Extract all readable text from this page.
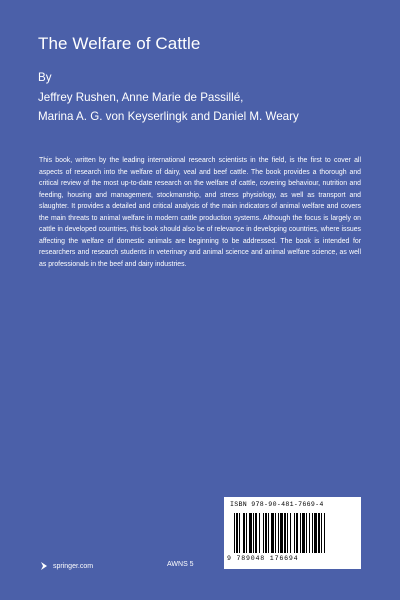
The Welfare of Cattle
By
Jeffrey Rushen, Anne Marie de Passillé,
Marina A. G. von Keyserlingk and Daniel M. Weary
This book, written by the leading international research scientists in the field, is the first to cover all aspects of research into the welfare of dairy, veal and beef cattle. The book provides a thorough and critical review of the most up-to-date research on the welfare of cattle, covering behaviour, nutrition and feeding, housing and management, stockmanship, and stress physiology, as well as transport and slaughter. It provides a detailed and critical analysis of the main indicators of animal welfare and covers the main threats to animal welfare in modern cattle production systems. Although the focus is largely on cattle in developed countries, this book should also be of relevance in developing countries, where issues affecting the welfare of domestic animals are beginning to be addressed. The book is intended for researchers and research students in veterinary and animal science and animal welfare science, as well as professionals in the beef and dairy industries.
ISBN 978-90-481-7669-4
9 789048 176694
springer.com	AWNS 5
